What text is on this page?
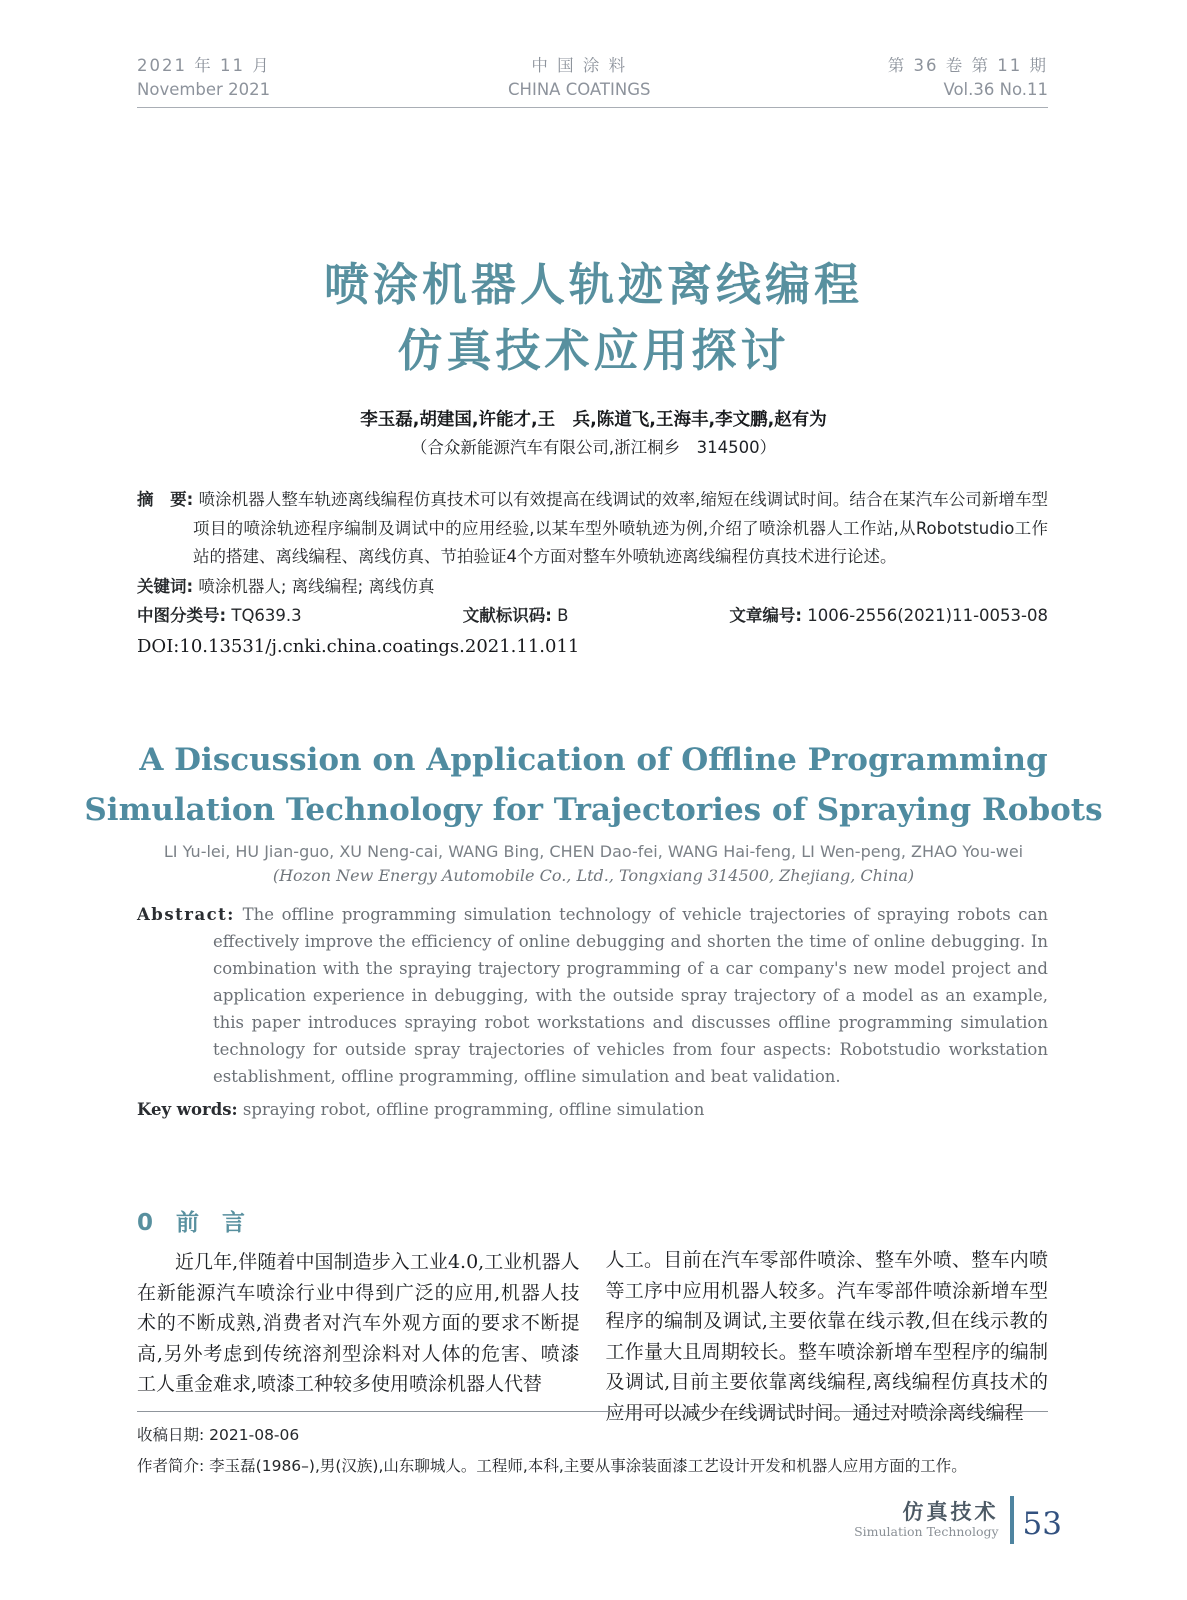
2021 年 11 月
November 2021
中 国 涂 料
CHINA COATINGS
第 36 卷 第 11 期
Vol.36 No.11
喷涂机器人轨迹离线编程
仿真技术应用探讨
李玉磊,胡建国,许能才,王　兵,陈道飞,王海丰,李文鹏,赵有为
（合众新能源汽车有限公司,浙江桐乡　314500）

摘　要: 喷涂机器人整车轨迹离线编程仿真技术可以有效提高在线调试的效率,缩短在线调试时间。结合在某汽车公司新增车型项目的喷涂轨迹程序编制及调试中的应用经验,以某车型外喷轨迹为例,介绍了喷涂机器人工作站,从Robotstudio工作站的搭建、离线编程、离线仿真、节拍验证4个方面对整车外喷轨迹离线编程仿真技术进行论述。

关键词: 喷涂机器人; 离线编程; 离线仿真

中图分类号: TQ639.3	文献标识码: B	文章编号: 1006-2556(2021)11-0053-08
DOI:10.13531/j.cnki.china.coatings.2021.11.011
A Discussion on Application of Offline Programming
Simulation Technology for Trajectories of Spraying Robots
LI Yu-lei, HU Jian-guo, XU Neng-cai, WANG Bing, CHEN Dao-fei, WANG Hai-feng, LI Wen-peng, ZHAO You-wei
(Hozon New Energy Automobile Co., Ltd., Tongxiang 314500, Zhejiang, China)

Abstract: The offline programming simulation technology of vehicle trajectories of spraying robots can effectively improve the efficiency of online debugging and shorten the time of online debugging. In combination with the spraying trajectory programming of a car company's new model project and application experience in debugging, with the outside spray trajectory of a model as an example, this paper introduces spraying robot workstations and discusses offline programming simulation technology for outside spray trajectories of vehicles from four aspects: Robotstudio workstation establishment, offline programming, offline simulation and beat validation.

Key words: spraying robot, offline programming, offline simulation

0　前　言

近几年,伴随着中国制造步入工业4.0,工业机器人在新能源汽车喷涂行业中得到广泛的应用,机器人技术的不断成熟,消费者对汽车外观方面的要求不断提高,另外考虑到传统溶剂型涂料对人体的危害、喷漆工人重金难求,喷漆工种较多使用喷涂机器人代替

人工。目前在汽车零部件喷涂、整车外喷、整车内喷等工序中应用机器人较多。汽车零部件喷涂新增车型程序的编制及调试,主要依靠在线示教,但在线示教的工作量大且周期较长。整车喷涂新增车型程序的编制及调试,目前主要依靠离线编程,离线编程仿真技术的应用可以减少在线调试时间。通过对喷涂离线编程

收稿日期: 2021-08-06
作者简介: 李玉磊(1986–),男(汉族),山东聊城人。工程师,本科,主要从事涂装面漆工艺设计开发和机器人应用方面的工作。
仿真技术
Simulation Technology 53
